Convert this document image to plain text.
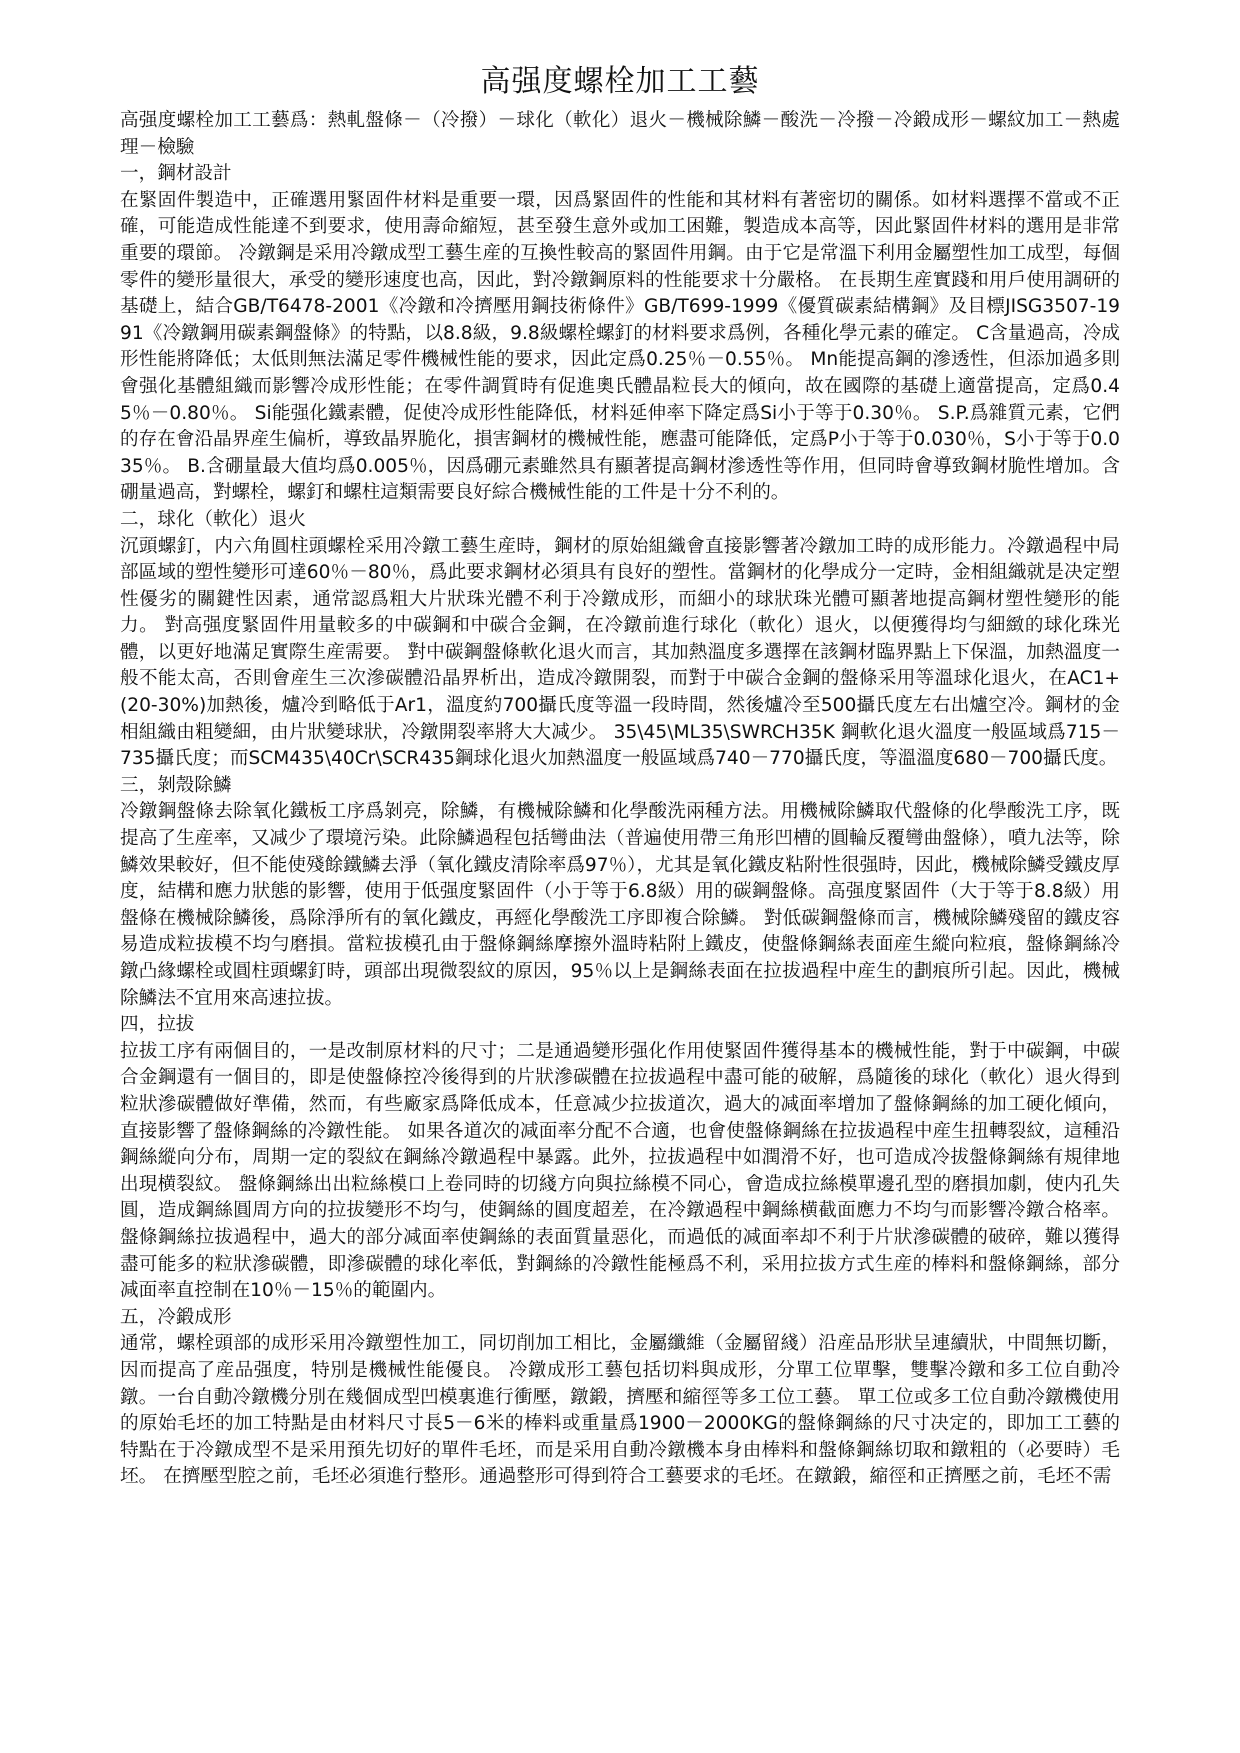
高强度螺栓加工工藝

高强度螺栓加工工藝爲：熱軋盤條－（冷撥）－球化（軟化）退火－機械除鱗－酸洗－冷撥－冷鍛成形－螺紋加工－熱處理－檢驗

一，鋼材設計

在緊固件製造中，正確選用緊固件材料是重要一環，因爲緊固件的性能和其材料有著密切的關係。如材料選擇不當或不正確，可能造成性能達不到要求，使用壽命縮短，甚至發生意外或加工困難，製造成本高等，因此緊固件材料的選用是非常重要的環節。 冷鐓鋼是采用冷鐓成型工藝生産的互換性較高的緊固件用鋼。由于它是常溫下利用金屬塑性加工成型，每個零件的變形量很大，承受的變形速度也高，因此，對冷鐓鋼原料的性能要求十分嚴格。 在長期生産實踐和用戶使用調研的基礎上，結合GB/T6478-2001《冷鐓和冷擠壓用鋼技術條件》GB/T699-1999《優質碳素結構鋼》及目標JISG3507-1991《冷鐓鋼用碳素鋼盤條》的特點，以8.8級，9.8級螺栓螺釘的材料要求爲例，各種化學元素的確定。 C含量過高，冷成形性能將降低；太低則無法滿足零件機械性能的要求，因此定爲0.25％－0.55％。 Mn能提高鋼的滲透性，但添加過多則會强化基體組織而影響冷成形性能；在零件調質時有促進奧氏體晶粒長大的傾向，故在國際的基礎上適當提高，定爲0.45％－0.80％。 Si能强化鐵素體，促使冷成形性能降低，材料延伸率下降定爲Si小于等于0.30％。 S.P.爲雜質元素，它們的存在會沿晶界産生偏析，導致晶界脆化，損害鋼材的機械性能，應盡可能降低，定爲P小于等于0.030％，S小于等于0.035％。 B.含硼量最大值均爲0.005％，因爲硼元素雖然具有顯著提高鋼材滲透性等作用，但同時會導致鋼材脆性增加。含硼量過高，對螺栓，螺釘和螺柱這類需要良好綜合機械性能的工件是十分不利的。

二，球化（軟化）退火

沉頭螺釘，内六角圓柱頭螺栓采用冷鐓工藝生産時，鋼材的原始組織會直接影響著冷鐓加工時的成形能力。冷鐓過程中局部區域的塑性變形可達60％－80％，爲此要求鋼材必須具有良好的塑性。當鋼材的化學成分一定時，金相組織就是决定塑性優劣的關鍵性因素，通常認爲粗大片狀珠光體不利于冷鐓成形，而細小的球狀珠光體可顯著地提高鋼材塑性變形的能力。 對高强度緊固件用量較多的中碳鋼和中碳合金鋼，在冷鐓前進行球化（軟化）退火，以便獲得均勻細緻的球化珠光體，以更好地滿足實際生産需要。 對中碳鋼盤條軟化退火而言，其加熱溫度多選擇在該鋼材臨界點上下保溫，加熱溫度一般不能太高，否則會産生三次滲碳體沿晶界析出，造成冷鐓開裂，而對于中碳合金鋼的盤條采用等溫球化退火，在AC1+(20-30%)加熱後，爐冷到略低于Ar1，溫度約700攝氏度等溫一段時間，然後爐冷至500攝氏度左右出爐空冷。鋼材的金相組織由粗變細，由片狀變球狀，冷鐓開裂率將大大减少。 35\45\ML35\SWRCH35K 鋼軟化退火溫度一般區域爲715－735攝氏度；而SCM435\40Cr\SCR435鋼球化退火加熱溫度一般區域爲740－770攝氏度，等溫溫度680－700攝氏度。

三，剝殼除鱗

冷鐓鋼盤條去除氧化鐵板工序爲剝亮，除鱗，有機械除鱗和化學酸洗兩種方法。用機械除鱗取代盤條的化學酸洗工序，既提高了生産率，又减少了環境污染。此除鱗過程包括彎曲法（普遍使用帶三角形凹槽的圓輪反覆彎曲盤條），噴九法等，除鱗效果較好，但不能使殘餘鐵鱗去淨（氧化鐵皮清除率爲97％），尤其是氧化鐵皮粘附性很强時，因此，機械除鱗受鐵皮厚度，結構和應力狀態的影響，使用于低强度緊固件（小于等于6.8級）用的碳鋼盤條。高强度緊固件（大于等于8.8級）用盤條在機械除鱗後，爲除淨所有的氧化鐵皮，再經化學酸洗工序即複合除鱗。 對低碳鋼盤條而言，機械除鱗殘留的鐵皮容易造成粒拔模不均勻磨損。當粒拔模孔由于盤條鋼絲摩擦外溫時粘附上鐵皮，使盤條鋼絲表面産生縱向粒痕，盤條鋼絲冷鐓凸緣螺栓或圓柱頭螺釘時，頭部出現微裂紋的原因，95％以上是鋼絲表面在拉拔過程中産生的劃痕所引起。因此，機械除鱗法不宜用來高速拉拔。

四，拉拔

拉拔工序有兩個目的，一是改制原材料的尺寸；二是通過變形强化作用使緊固件獲得基本的機械性能，對于中碳鋼，中碳合金鋼還有一個目的，即是使盤條控冷後得到的片狀滲碳體在拉拔過程中盡可能的破解，爲隨後的球化（軟化）退火得到粒狀滲碳體做好準備，然而，有些廠家爲降低成本，任意减少拉拔道次，過大的减面率增加了盤條鋼絲的加工硬化傾向，直接影響了盤條鋼絲的冷鐓性能。 如果各道次的减面率分配不合適，也會使盤條鋼絲在拉拔過程中産生扭轉裂紋，這種沿鋼絲縱向分布，周期一定的裂紋在鋼絲冷鐓過程中暴露。此外，拉拔過程中如潤滑不好，也可造成冷拔盤條鋼絲有規律地出現横裂紋。 盤條鋼絲出出粒絲模口上卷同時的切綫方向與拉絲模不同心，會造成拉絲模單邊孔型的磨損加劇，使内孔失圓，造成鋼絲圓周方向的拉拔變形不均勻，使鋼絲的圓度超差，在冷鐓過程中鋼絲横截面應力不均勻而影響冷鐓合格率。 盤條鋼絲拉拔過程中，過大的部分减面率使鋼絲的表面質量惡化，而過低的减面率却不利于片狀滲碳體的破碎，難以獲得盡可能多的粒狀滲碳體，即滲碳體的球化率低，對鋼絲的冷鐓性能極爲不利，采用拉拔方式生産的棒料和盤條鋼絲，部分减面率直控制在10％－15％的範圍内。

五，冷鍛成形

通常，螺栓頭部的成形采用冷鐓塑性加工，同切削加工相比，金屬纖維（金屬留綫）沿産品形狀呈連續狀，中間無切斷，因而提高了産品强度，特別是機械性能優良。 冷鐓成形工藝包括切料與成形，分單工位單擊，雙擊冷鐓和多工位自動冷鐓。一台自動冷鐓機分別在幾個成型凹模裏進行衝壓，鐓鍛，擠壓和縮徑等多工位工藝。 單工位或多工位自動冷鐓機使用的原始毛坯的加工特點是由材料尺寸長5－6米的棒料或重量爲1900－2000KG的盤條鋼絲的尺寸决定的，即加工工藝的特點在于冷鐓成型不是采用預先切好的單件毛坯，而是采用自動冷鐓機本身由棒料和盤條鋼絲切取和鐓粗的（必要時）毛坯。 在擠壓型腔之前，毛坯必須進行整形。通過整形可得到符合工藝要求的毛坯。在鐓鍛，縮徑和正擠壓之前，毛坯不需
